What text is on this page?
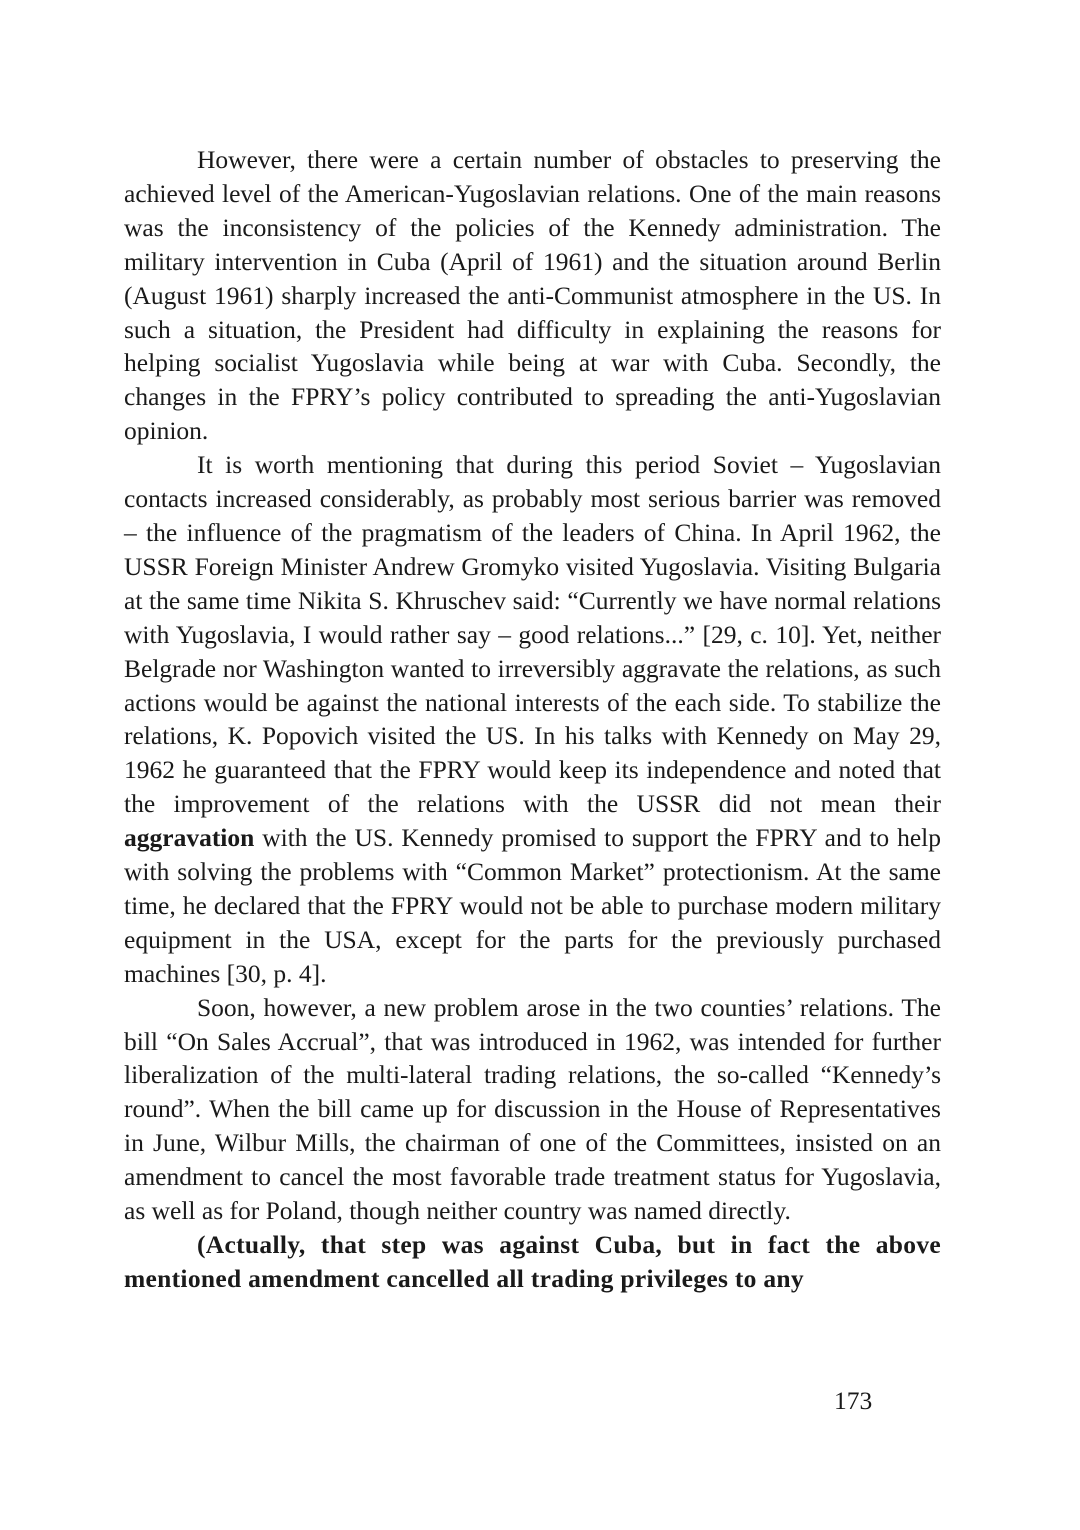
However, there were a certain number of obstacles to preserving the achieved level of the American-Yugoslavian relations. One of the main reasons was the inconsistency of the policies of the Kennedy administration. The military intervention in Cuba (April of 1961) and the situation around Berlin (August 1961) sharply increased the anti-Communist atmosphere in the US. In such a situation, the President had difficulty in explaining the reasons for helping socialist Yugoslavia while being at war with Cuba. Secondly, the changes in the FPRY’s policy contributed to spreading the anti-Yugoslavian opinion.

It is worth mentioning that during this period Soviet – Yugoslavian contacts increased considerably, as probably most serious barrier was removed – the influence of the pragmatism of the leaders of China. In April 1962, the USSR Foreign Minister Andrew Gromyko visited Yugoslavia. Visiting Bulgaria at the same time Nikita S. Khruschev said: “Currently we have normal relations with Yugoslavia, I would rather say – good relations...” [29, c. 10]. Yet, neither Belgrade nor Washington wanted to irreversibly aggravate the relations, as such actions would be against the national interests of the each side. To stabilize the relations, K. Popovich visited the US. In his talks with Kennedy on May 29, 1962 he guaranteed that the FPRY would keep its independence and noted that the improvement of the relations with the USSR did not mean their aggravation with the US. Kennedy promised to support the FPRY and to help with solving the problems with “Common Market” protectionism. At the same time, he declared that the FPRY would not be able to purchase modern military equipment in the USA, except for the parts for the previously purchased machines [30, p. 4].

Soon, however, a new problem arose in the two counties’ relations. The bill “On Sales Accrual”, that was introduced in 1962, was intended for further liberalization of the multi-lateral trading relations, the so-called “Kennedy’s round”. When the bill came up for discussion in the House of Representatives in June, Wilbur Mills, the chairman of one of the Committees, insisted on an amendment to cancel the most favorable trade treatment status for Yugoslavia, as well as for Poland, though neither country was named directly.

(Actually, that step was against Cuba, but in fact the above mentioned amendment cancelled all trading privileges to any

173
